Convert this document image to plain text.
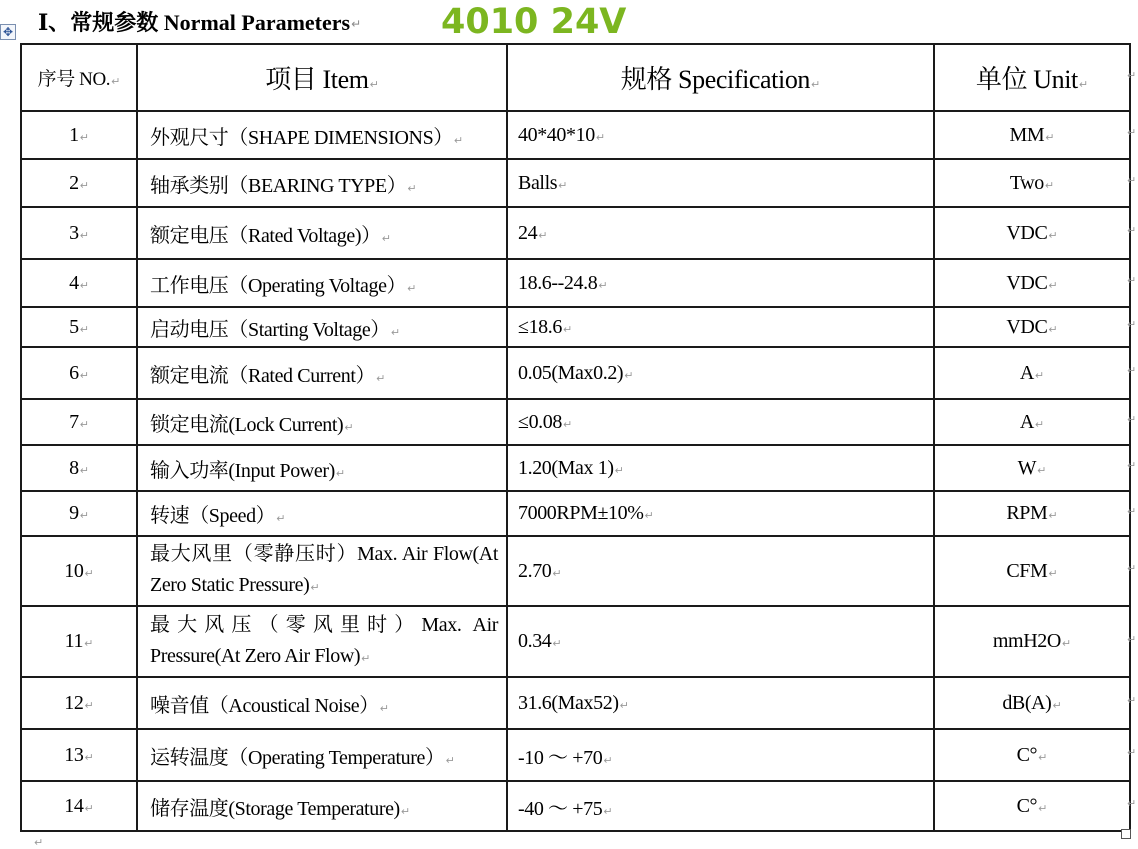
✥ Ⅰ、常规参数 Normal Parameters ↵ 4010 24V
序号 NO.↵	项目 Item↵	规格 Specification↵	单位 Unit↵
1↵	外观尺寸（SHAPE DIMENSIONS）↵	40*40*10↵	MM↵
2↵	轴承类别（BEARING TYPE）↵	Balls↵	Two↵
3↵	额定电压（Rated Voltage)）↵	24↵	VDC↵
4↵	工作电压（Operating Voltage）↵	18.6--24.8↵	VDC↵
5↵	启动电压（Starting Voltage）↵	≤18.6↵	VDC↵
6↵	额定电流（Rated Current）↵	0.05(Max0.2)↵	A↵
7↵	锁定电流(Lock Current)↵	≤0.08↵	A↵
8↵	输入功率(Input Power)↵	1.20(Max 1)↵	W↵
9↵	转速（Speed）↵	7000RPM±10%↵	RPM↵
10↵	最大风里（零静压时）Max. Air Flow(At Zero Static Pressure)↵	2.70↵	CFM↵
11↵	最大风压（零风里时）Max. Air Pressure(At Zero Air Flow)↵	0.34↵	mmH2O↵
12↵	噪音值（Acoustical Noise）↵	31.6(Max52)↵	dB(A)↵
13↵	运转温度（Operating Temperature）↵	-10 ～ +70↵	C°↵
14↵	储存温度(Storage Temperature)↵	-40 ～ +75↵	C°↵
↵
↵
↵
↵
↵
↵
↵
↵
↵
↵
↵
↵
↵
↵
↵
↵
